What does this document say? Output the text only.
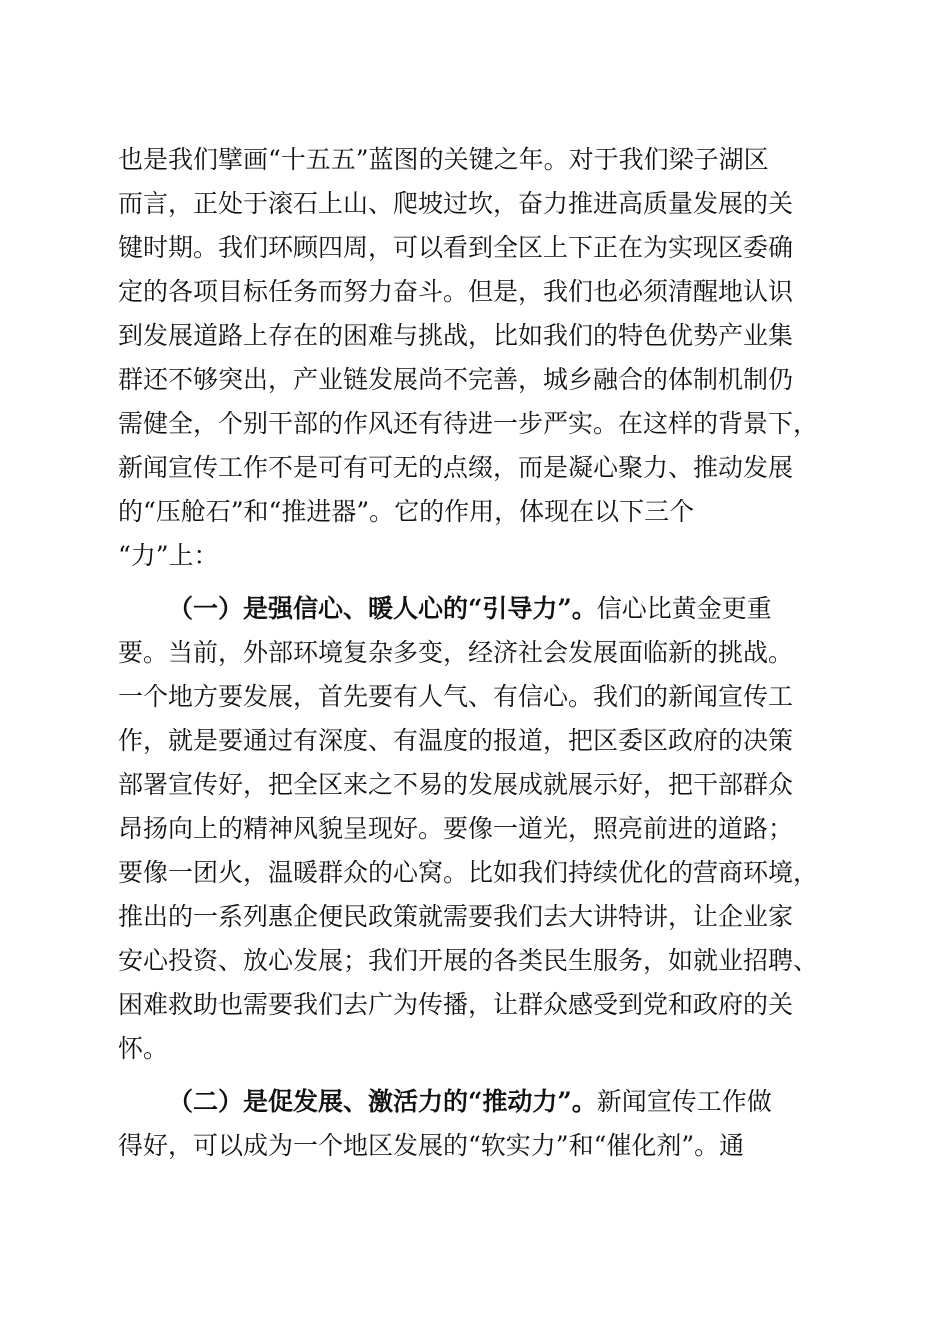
也是我们擘画“十五五”蓝图的关键之年。对于我们梁子湖区
而言，正处于滚石上山、爬坡过坎，奋力推进高质量发展的关
键时期。我们环顾四周，可以看到全区上下正在为实现区委确
定的各项目标任务而努力奋斗。但是，我们也必须清醒地认识
到发展道路上存在的困难与挑战，比如我们的特色优势产业集
群还不够突出，产业链发展尚不完善，城乡融合的体制机制仍
需健全，个别干部的作风还有待进一步严实。在这样的背景下，
新闻宣传工作不是可有可无的点缀，而是凝心聚力、推动发展
的“压舱石”和“推进器”。它的作用，体现在以下三个
“力”上：
（一）是强信心、暖人心的“引导力”。信心比黄金更重
要。当前，外部环境复杂多变，经济社会发展面临新的挑战。
一个地方要发展，首先要有人气、有信心。我们的新闻宣传工
作，就是要通过有深度、有温度的报道，把区委区政府的决策
部署宣传好，把全区来之不易的发展成就展示好，把干部群众
昂扬向上的精神风貌呈现好。要像一道光，照亮前进的道路；
要像一团火，温暖群众的心窝。比如我们持续优化的营商环境，
推出的一系列惠企便民政策就需要我们去大讲特讲，让企业家
安心投资、放心发展；我们开展的各类民生服务，如就业招聘、
困难救助也需要我们去广为传播，让群众感受到党和政府的关
怀。
（二）是促发展、激活力的“推动力”。新闻宣传工作做
得好，可以成为一个地区发展的“软实力”和“催化剂”。通
